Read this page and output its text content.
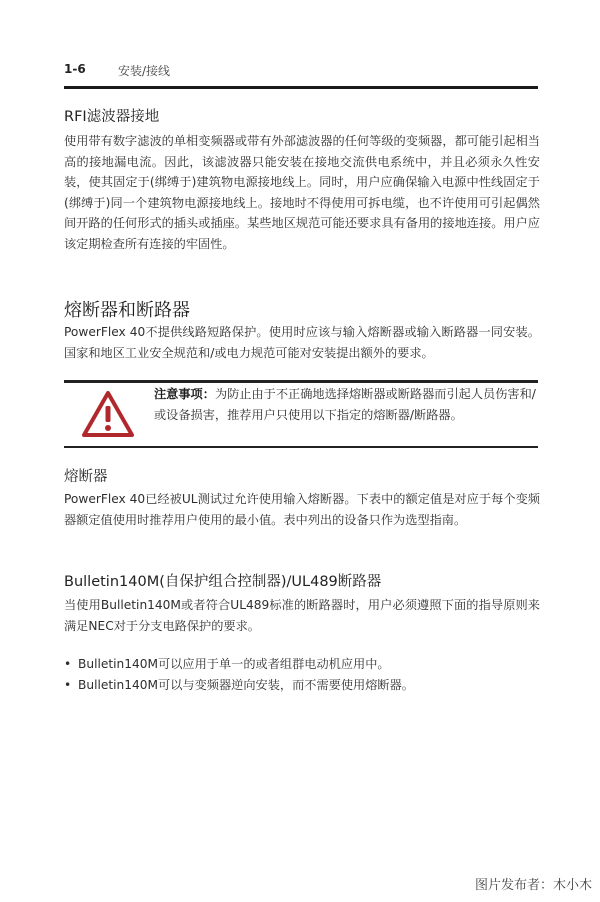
1-6	安装/接线
RFI滤波器接地
使用带有数字滤波的单相变频器或带有外部滤波器的任何等级的变频器，都可能引起相当高的接地漏电流。因此，该滤波器只能安装在接地交流供电系统中，并且必须永久性安装，使其固定于(绑缚于)建筑物电源接地线上。同时，用户应确保输入电源中性线固定于(绑缚于)同一个建筑物电源接地线上。接地时不得使用可拆电缆，也不许使用可引起偶然间开路的任何形式的插头或插座。某些地区规范可能还要求具有备用的接地连接。用户应该定期检查所有连接的牢固性。
熔断器和断路器
PowerFlex 40不提供线路短路保护。使用时应该与输入熔断器或输入断路器一同安装。国家和地区工业安全规范和/或电力规范可能对安装提出额外的要求。
注意事项：为防止由于不正确地选择熔断器或断路器而引起人员伤害和/或设备损害，推荐用户只使用以下指定的熔断器/断路器。
熔断器
PowerFlex 40已经被UL测试过允许使用输入熔断器。下表中的额定值是对应于每个变频器额定值使用时推荐用户使用的最小值。表中列出的设备只作为选型指南。
Bulletin140M(自保护组合控制器)/UL489断路器
当使用Bulletin140M或者符合UL489标准的断路器时，用户必须遵照下面的指导原则来满足NEC对于分支电路保护的要求。
• Bulletin140M可以应用于单一的或者组群电动机应用中。
• Bulletin140M可以与变频器逆向安装，而不需要使用熔断器。
图片发布者：木小木
